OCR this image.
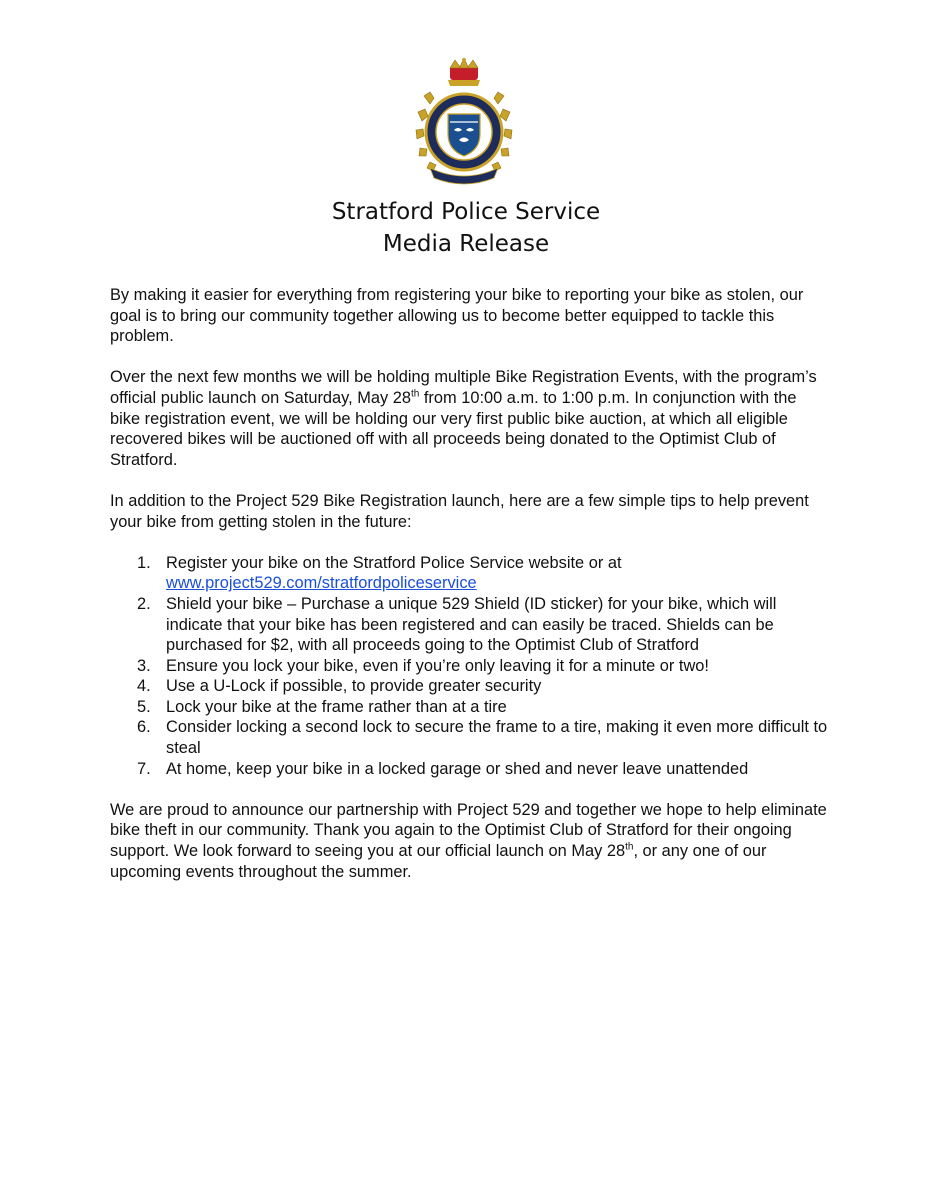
Stratford Police Service
Media Release

By making it easier for everything from registering your bike to reporting your bike as stolen, our goal is to bring our community together allowing us to become better equipped to tackle this problem.

Over the next few months we will be holding multiple Bike Registration Events, with the program’s official public launch on Saturday, May 28th from 10:00 a.m. to 1:00 p.m. In conjunction with the bike registration event, we will be holding our very first public bike auction, at which all eligible recovered bikes will be auctioned off with all proceeds being donated to the Optimist Club of Stratford.

In addition to the Project 529 Bike Registration launch, here are a few simple tips to help prevent your bike from getting stolen in the future:

1. Register your bike on the Stratford Police Service website or at
www.project529.com/stratfordpoliceservice
2. Shield your bike – Purchase a unique 529 Shield (ID sticker) for your bike, which will indicate that your bike has been registered and can easily be traced. Shields can be purchased for $2, with all proceeds going to the Optimist Club of Stratford
3. Ensure you lock your bike, even if you’re only leaving it for a minute or two!
4. Use a U-Lock if possible, to provide greater security
5. Lock your bike at the frame rather than at a tire
6. Consider locking a second lock to secure the frame to a tire, making it even more difficult to steal
7. At home, keep your bike in a locked garage or shed and never leave unattended

We are proud to announce our partnership with Project 529 and together we hope to help eliminate bike theft in our community. Thank you again to the Optimist Club of Stratford for their ongoing support. We look forward to seeing you at our official launch on May 28th, or any one of our upcoming events throughout the summer.
